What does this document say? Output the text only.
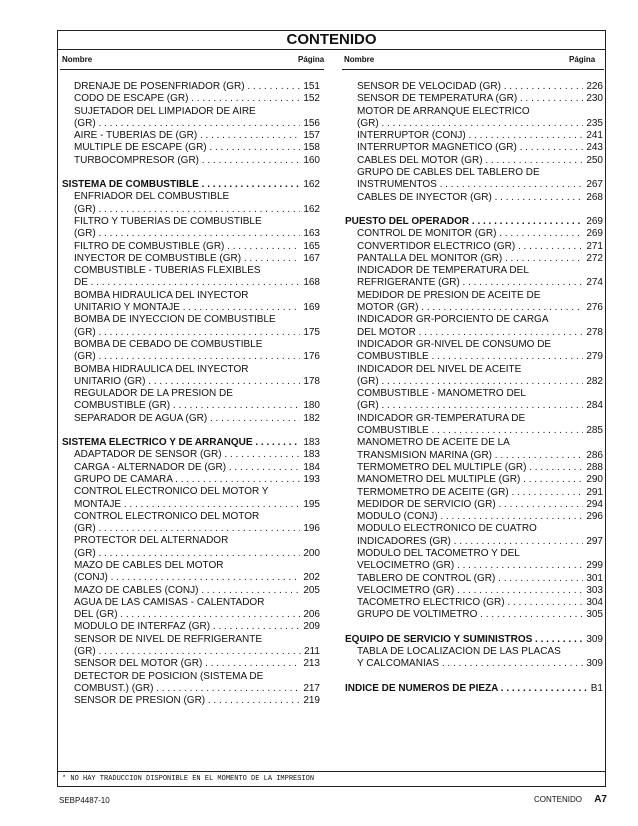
CONTENIDO
Nombre	Página Nombre	Página
DRENAJE DE POSENFRIADOR (GR) . . .	151
CODO DE ESCAPE (GR) . . .	152
SUJETADOR DEL LIMPIADOR DE AIRE
(GR) . . .	156
AIRE - TUBERÍAS DE (GR) . . .	157
MÚLTIPLE DE ESCAPE (GR) . . .	158
TURBOCOMPRESOR (GR) . . .	160
SISTEMA DE COMBUSTIBLE . . .	162
ENFRIADOR DEL COMBUSTIBLE
(GR) . . .	162
FILTRO Y TUBERÍAS DE COMBUSTIBLE
(GR) . . .	163
FILTRO DE COMBUSTIBLE (GR) . . .	165
INYECTOR DE COMBUSTIBLE (GR) . . .	167
COMBUSTIBLE - TUBERIAS FLEXIBLES
DE . . .	168
BOMBA HIDRÁULICA DEL INYECTOR
UNITARIO Y MONTAJE . . .	169
BOMBA DE INYECCIÓN DE COMBUSTIBLE
(GR) . . .	175
BOMBA DE CEBADO DE COMBUSTIBLE
(GR) . . .	176
BOMBA HIDRÁULICA DEL INYECTOR
UNITARIO (GR) . . .	178
REGULADOR DE LA PRESION DE
COMBUSTIBLE (GR) . . .	180
SEPARADOR DE AGUA (GR) . . .	182
SISTEMA ELECTRICO Y DE ARRANQUE . . .	183
ADAPTADOR DE SENSOR (GR) . . .	183
CARGA - ALTERNADOR DE (GR) . . .	184
GRUPO DE CÁMARA . . .	193
CONTROL ELECTRÓNICO DEL MOTOR Y
MONTAJE . . .	195
CONTROL ELECTRÓNICO DEL MOTOR
(GR) . . .	196
PROTECTOR DEL ALTERNADOR
(GR) . . .	200
MAZO DE CABLES DEL MOTOR
(CONJ) . . .	202
MAZO DE CABLES (CONJ) . . .	205
AGUA DE LAS CAMISAS - CALENTADOR
DEL (GR) . . .	206
MÓDULO DE INTERFAZ (GR) . . .	209
SENSOR DE NIVEL DE REFRIGERANTE
(GR) . . .	211
SENSOR DEL MOTOR (GR) . . .	213
DETECTOR DE POSICIÓN (SISTEMA DE
COMBUST.) (GR) . . .	217
SENSOR DE PRESIÓN (GR) . . .	219
SENSOR DE VELOCIDAD (GR) . . .	226
SENSOR DE TEMPERATURA (GR) . . .	230
MOTOR DE ARRANQUE ELÉCTRICO
(GR) . . .	235
INTERRUPTOR (CONJ) . . .	241
INTERRUPTOR MAGNÉTICO (GR) . . .	243
CABLES DEL MOTOR (GR) . . .	250
GRUPO DE CABLES DEL TABLERO DE
INSTRUMENTOS . . .	267
CABLES DE INYECTOR (GR) . . .	268
PUESTO DEL OPERADOR . . .	269
CONTROL DE MONITOR (GR) . . .	269
CONVERTIDOR ELÉCTRICO (GR) . . .	271
PANTALLA DEL MONITOR (GR) . . .	272
INDICADOR DE TEMPERATURA DEL
REFRIGERANTE (GR) . . .	274
MEDIDOR DE PRESION DE ACEITE DE
MOTOR (GR) . . .	276
INDICADOR GR-PORCIENTO DE CARGA
DEL MOTOR . . .	278
INDICADOR GR-NIVEL DE CONSUMO DE
COMBUSTIBLE . . .	279
INDICADOR DEL NIVEL DE ACEITE
(GR) . . .	282
COMBUSTIBLE - MANÓMETRO DEL
(GR) . . .	284
INDICADOR GR-TEMPERATURA DE
COMBUSTIBLE . . .	285
MANÓMETRO DE ACEITE DE LA
TRANSMISIÓN MARINA (GR) . . .	286
TERMOMETRO DEL MULTIPLE (GR) . . .	288
MANOMETRO DEL MULTIPLE (GR) . . .	290
TERMÓMETRO DE ACEITE (GR) . . .	291
MEDIDOR DE SERVICIO (GR) . . .	294
MÓDULO (CONJ) . . .	296
MODULO ELECTRÓNICO DE CUATRO
INDICADORES (GR) . . .	297
MÓDULO DEL TACÓMETRO Y DEL
VELOCÍMETRO (GR) . . .	299
TABLERO DE CONTROL (GR) . . .	301
VELOCÍMETRO (GR) . . .	303
TACÓMETRO ELÉCTRICO (GR) . . .	304
GRUPO DE VOLTIMETRO . . .	305
EQUIPO DE SERVICIO Y SUMINISTROS . . .	309
TABLA DE LOCALIZACIÓN DE LAS PLACAS
Y CALCOMANÍAS . . .	309
INDICE DE NUMEROS DE PIEZA . . .	B1
* NO HAY TRADUCCION DISPONIBLE EN EL MOMENTO DE LA IMPRESION
SEBP4487-10	CONTENIDO A7
